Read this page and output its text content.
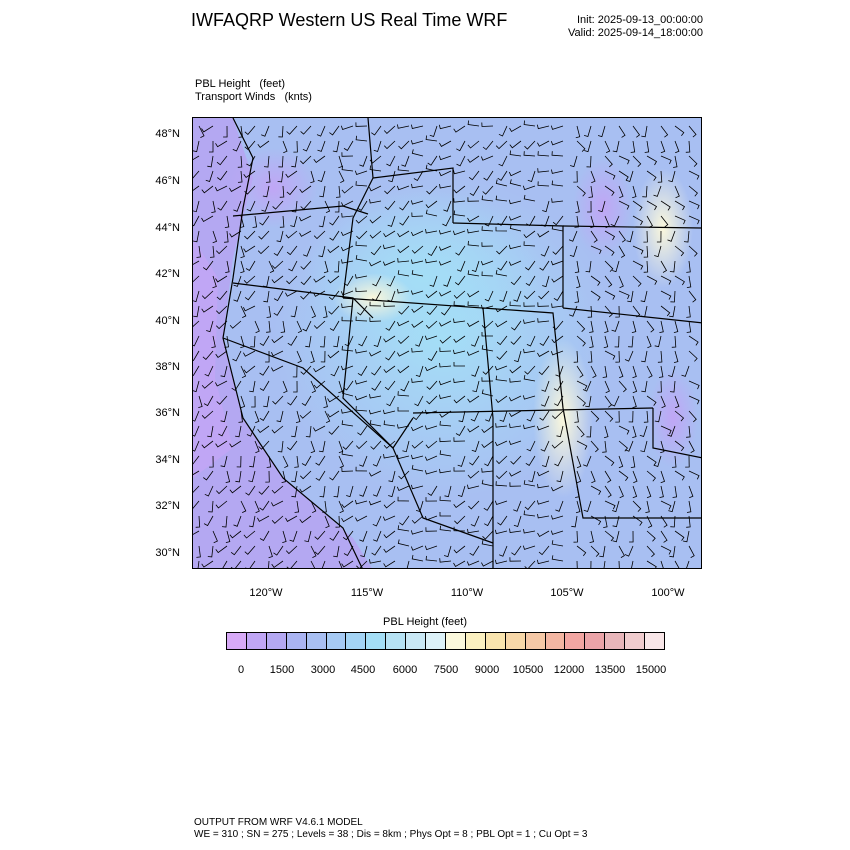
IWFAQRP Western US Real Time WRF	Init: 2025-09-13_00:00:00
Valid: 2025-09-14_18:00:00
PBL Height   (feet)
Transport Winds   (knts)
48°N
46°N
44°N
42°N
40°N
38°N
36°N
34°N
32°N
30°N
120°W	115°W	110°W	105°W	100°W
PBL Height (feet)
0	1500	3000	4500	6000	7500	9000	10500 12000 13500 15000
OUTPUT FROM WRF V4.6.1 MODEL
WE = 310 ; SN = 275 ; Levels = 38 ; Dis = 8km ; Phys Opt = 8 ; PBL Opt = 1 ; Cu Opt = 3
